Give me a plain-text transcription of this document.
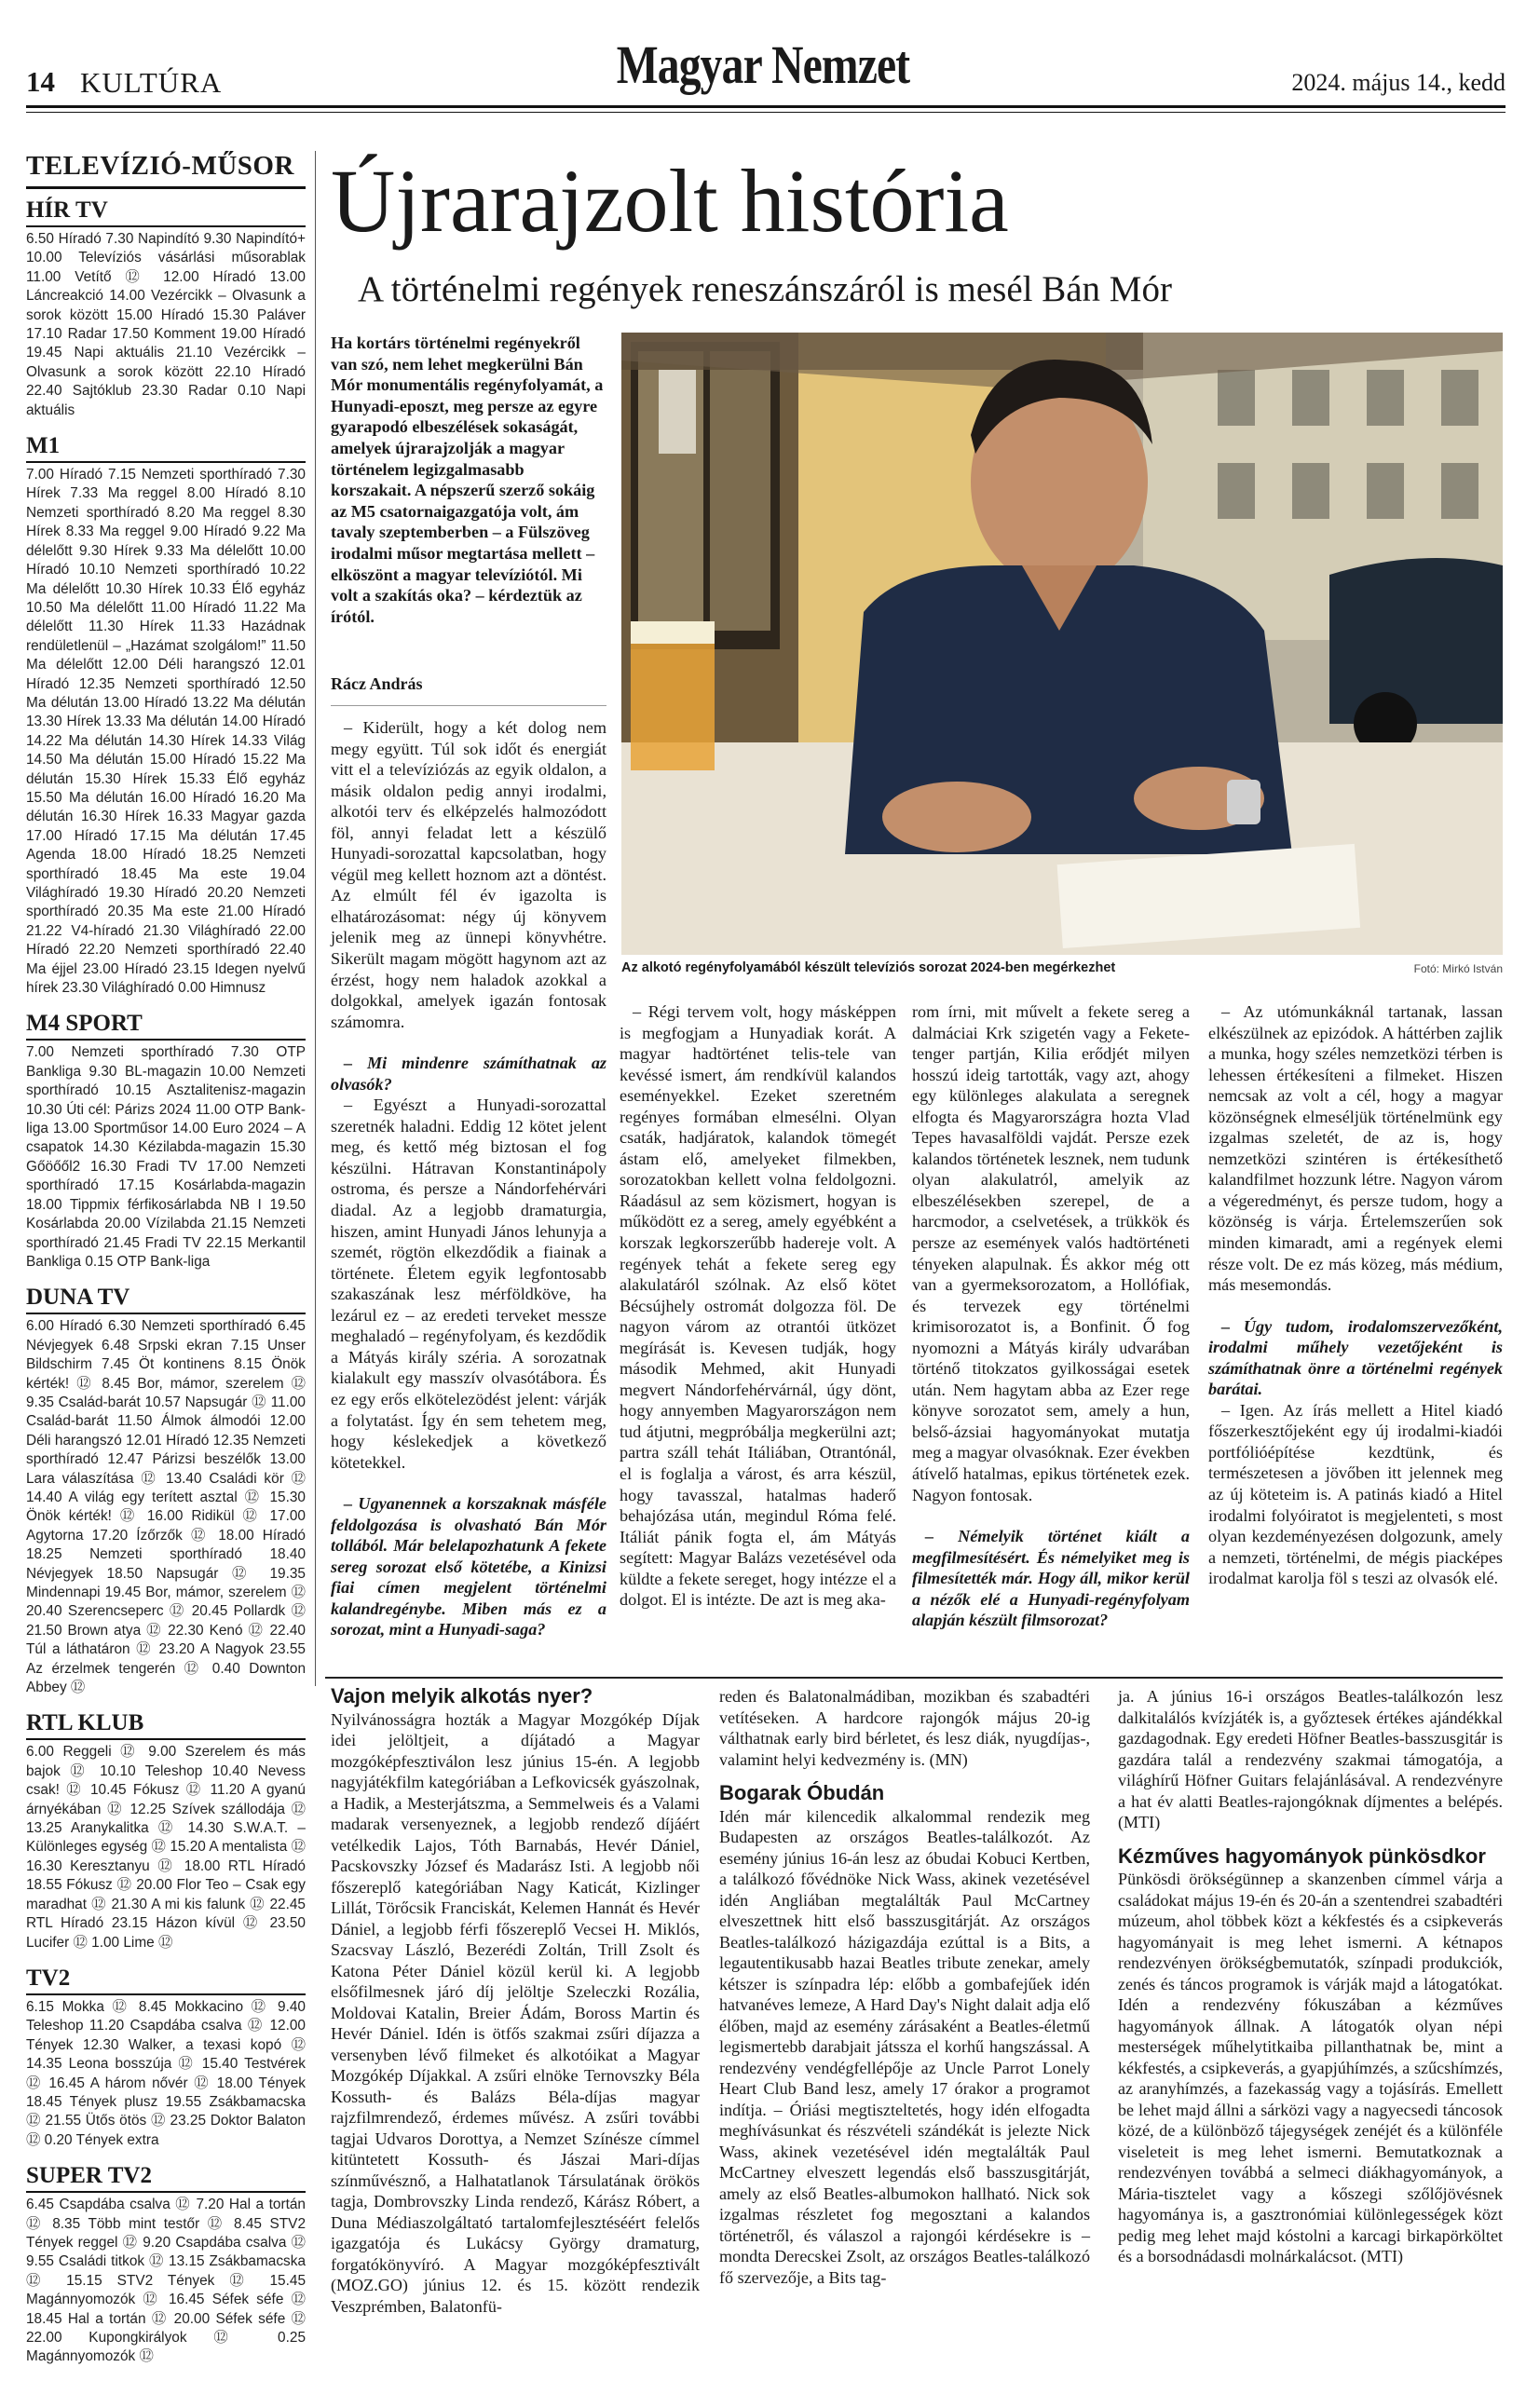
14 KULTÚRA	Magyar Nemzet	2024. május 14., kedd
TELEVÍZIÓ-MŰSOR
HÍR TV
6.50 Híradó 7.30 Napindító 9.30 Napindító+ 10.00 Televíziós vásárlási műsorablak 11.00 Vetítő ⑫ 12.00 Híradó 13.00 Láncreakció 14.00 Vezércikk – Olvasunk a sorok között 15.00 Híradó 15.30 Paláver 17.10 Radar 17.50 Komment 19.00 Híradó 19.45 Napi aktuális 21.10 Vezércikk – Olvasunk a sorok között 22.10 Híradó 22.40 Sajtóklub 23.30 Radar 0.10 Napi aktuális
M1
7.00 Híradó 7.15 Nemzeti sporthíradó 7.30 Hírek 7.33 Ma reggel 8.00 Híradó 8.10 Nemzeti sporthíradó 8.20 Ma reggel 8.30 Hírek 8.33 Ma reggel 9.00 Híradó 9.22 Ma délelőtt 9.30 Hírek 9.33 Ma délelőtt 10.00 Híradó 10.10 Nemzeti sporthíradó 10.22 Ma délelőtt 10.30 Hírek 10.33 Élő egyház 10.50 Ma délelőtt 11.00 Híradó 11.22 Ma délelőtt 11.30 Hírek 11.33 Hazádnak rendületlenül – „Hazámat szolgálom!” 11.50 Ma délelőtt 12.00 Déli harangszó 12.01 Híradó 12.35 Nemzeti sporthíradó 12.50 Ma délután 13.00 Híradó 13.22 Ma délután 13.30 Hírek 13.33 Ma délután 14.00 Híradó 14.22 Ma délután 14.30 Hírek 14.33 Világ 14.50 Ma délután 15.00 Híradó 15.22 Ma délután 15.30 Hírek 15.33 Élő egyház 15.50 Ma délután 16.00 Híradó 16.20 Ma délután 16.30 Hírek 16.33 Magyar gazda 17.00 Híradó 17.15 Ma délután 17.45 Agenda 18.00 Híradó 18.25 Nemzeti sporthíradó 18.45 Ma este 19.04 Világhíradó 19.30 Híradó 20.20 Nemzeti sporthíradó 20.35 Ma este 21.00 Híradó 21.22 V4-híradó 21.30 Világhíradó 22.00 Híradó 22.20 Nemzeti sporthíradó 22.40 Ma éjjel 23.00 Híradó 23.15 Idegen nyelvű hírek 23.30 Világhíradó 0.00 Himnusz
M4 SPORT
7.00 Nemzeti sporthíradó 7.30 OTP Bankliga 9.30 BL-magazin 10.00 Nemzeti sporthíradó 10.15 Asztalitenisz-magazin 10.30 Úti cél: Párizs 2024 11.00 OTP Bank-liga 13.00 Sportműsor 14.00 Euro 2024 – A csapatok 14.30 Kézilabda-magazin 15.30 Gőöőől2 16.30 Fradi TV 17.00 Nemzeti sporthíradó 17.15 Kosárlabda-magazin 18.00 Tippmix férfikosárlabda NB I 19.50 Kosárlabda 20.00 Vízilabda 21.15 Nemzeti sporthíradó 21.45 Fradi TV 22.15 Merkantil Bankliga 0.15 OTP Bank-liga
DUNA TV
6.00 Híradó 6.30 Nemzeti sporthíradó 6.45 Névjegyek 6.48 Srpski ekran 7.15 Unser Bildschirm 7.45 Öt kontinens 8.15 Önök kérték! ⑫ 8.45 Bor, mámor, szerelem ⑫ 9.35 Család-barát 10.57 Napsugár ⑫ 11.00 Család-barát 11.50 Álmok álmodói 12.00 Déli harangszó 12.01 Híradó 12.35 Nemzeti sporthíradó 12.47 Párizsi beszélők 13.00 Lara válaszítása ⑫ 13.40 Családi kör ⑫ 14.40 A világ egy terített asztal ⑫ 15.30 Önök kérték! ⑫ 16.00 Ridikül ⑫ 17.00 Agytorna 17.20 Ízőrzők ⑫ 18.00 Híradó 18.25 Nemzeti sporthíradó 18.40 Névjegyek 18.50 Napsugár ⑫ 19.35 Mindennapi 19.45 Bor, mámor, szerelem ⑫ 20.40 Szerencseperc ⑫ 20.45 Pollardk ⑫ 21.50 Brown atya ⑫ 22.30 Kenó ⑫ 22.40 Túl a láthatáron ⑫ 23.20 A Nagyok 23.55 Az érzelmek tengerén ⑫ 0.40 Downton Abbey ⑫
RTL KLUB
6.00 Reggeli ⑫ 9.00 Szerelem és más bajok ⑫ 10.10 Teleshop 10.40 Nevess csak! ⑫ 10.45 Fókusz ⑫ 11.20 A gyanú árnyékában ⑫ 12.25 Szívek szállodája ⑫ 13.25 Aranykalitka ⑫ 14.30 S.W.A.T. – Különleges egység ⑫ 15.20 A mentalista ⑫ 16.30 Keresztanyu ⑫ 18.00 RTL Híradó 18.55 Fókusz ⑫ 20.00 Flor Teo – Csak egy maradhat ⑫ 21.30 A mi kis falunk ⑫ 22.45 RTL Híradó 23.15 Házon kívül ⑫ 23.50 Lucifer ⑫ 1.00 Lime ⑫
TV2
6.15 Mokka ⑫ 8.45 Mokkacino ⑫ 9.40 Teleshop 11.20 Csapdába csalva ⑫ 12.00 Tények 12.30 Walker, a texasi kopó ⑫ 14.35 Leona bosszúja ⑫ 15.40 Testvérek ⑫ 16.45 A három nővér ⑫ 18.00 Tények 18.45 Tények plusz 19.55 Zsákbamacska ⑫ 21.55 Ütős ötös ⑫ 23.25 Doktor Balaton ⑫ 0.20 Tények extra
SUPER TV2
6.45 Csapdába csalva ⑫ 7.20 Hal a tortán ⑫ 8.35 Több mint testőr ⑫ 8.45 STV2 Tények reggel ⑫ 9.20 Csapdába csalva ⑫ 9.55 Családi titkok ⑫ 13.15 Zsákbamacska ⑫ 15.15 STV2 Tények ⑫ 15.45 Magánnyomozók ⑫ 16.45 Séfek séfe ⑫ 18.45 Hal a tortán ⑫ 20.00 Séfek séfe ⑫ 22.00 Kupongkirályok ⑫ 0.25 Magánnyomozók ⑫
Újrarajzolt história
A történelmi regények reneszánszáról is mesél Bán Mór
Ha kortárs történelmi regényekről van szó, nem lehet megkerülni Bán Mór monumentális regényfolyamát, a Hunyadi-eposzt, meg persze az egyre gyarapodó elbeszélések sokaságát, amelyek újrarajzolják a magyar történelem legizgalmasabb korszakait. A népszerű szerző sokáig az M5 csatornaigazgatója volt, ám tavaly szeptemberben – a Fülszöveg irodalmi műsor megtartása mellett – elköszönt a magyar televíziótól. Mi volt a szakítás oka? – kérdeztük az írótól.
Rácz András
Az alkotó regényfolyamából készült televíziós sorozat 2024-ben megérkezhet	Fotó: Mirkó István

– Kiderült, hogy a két dolog nem megy együtt. Túl sok időt és energiát vitt el a televíziózás az egyik oldalon, a másik oldalon pedig annyi irodalmi, alkotói terv és elképzelés halmozódott föl, annyi feladat lett a készülő Hunyadi-sorozattal kapcsolatban, hogy végül meg kellett hoznom azt a döntést. Az elmúlt fél év igazolta is elhatározásomat: négy új könyvem jelenik meg az ünnepi könyvhétre. Sikerült magam mögött hagynom azt az érzést, hogy nem haladok azokkal a dolgokkal, amelyek igazán fontosak számomra.

– Mi mindenre számíthatnak az olvasók?

– Egyészt a Hunyadi-sorozattal szeretnék haladni. Eddig 12 kötet jelent meg, és kettő még biztosan el fog készülni. Hátravan Konstantinápoly ostroma, és persze a Nándorfehérvári diadal. Az a legjobb dramaturgia, hiszen, amint Hunyadi János lehunyja a szemét, rögtön elkezdődik a fiainak a története. Életem egyik legfontosabb szakaszának lesz mérföldköve, ha lezárul ez – az eredeti terveket messze meghaladó – regényfolyam, és kezdődik a Mátyás király szériа. A sorozatnak kialakult egy masszív olvasótábora. És ez egy erős elkötelezödést jelent: várják a folytatást. Így én sem tehetem meg, hogy késlekedjek a következő kötetekkel.

– Ugyanennek a korszaknak másféle feldolgozása is olvasható Bán Mór tollából. Már belelapozhatunk A fekete sereg sorozat első kötetébe, a Kinizsi fiai címen megjelent történelmi kalandregénybe. Miben más ez a sorozat, mint a Hunyadi-saga?

– Régi tervem volt, hogy másképpen is megfogjam a Hunyadiak korát. A magyar hadtörténet telis-tele van kevéssé ismert, ám rendkívül kalandos eseményekkel. Ezeket szeretném regényes formában elmesélni. Olyan csaták, hadjáratok, kalandok tömegét ástam elő, amelyeket filmekben, sorozatokban kellett volna feldolgozni. Ráadásul az sem közismert, hogyan is működött ez a sereg, amely egyébként a korszak legkorszerűbb hadereje volt. A regények tehát a fekete sereg egy alakulatáról szólnak. Az első kötet Bécsújhely ostromát dolgozza föl. De nagyon várom az otrantói ütközet megírását is. Kevesen tudják, hogy második Mehmed, akit Hunyadi megvert Nándorfehérvárnál, úgy dönt, hogy annyemben Magyarországon nem tud átjutni, megpróbálja megkerülni azt; partra száll tehát Itáliában, Otrantónál, el is foglalja a várost, és arra készül, hogy tavasszal, hatalmas haderő behajózása után, megindul Róma felé. Itáliát pánik fogta el, ám Mátyás segített: Magyar Balázs vezetésével oda küldte a fekete sereget, hogy intézze el a dolgot. El is intézte. De azt is meg aka-

rom írni, mit művelt a fekete sereg a dalmáciai Krk szigetén vagy a Fekete-tenger partján, Kilia erődjét milyen hosszú ideig tartották, vagy azt, ahogy egy különleges alakulata a seregnek elfogta és Magyarországra hozta Vlad Tepes havasalföldi vajdát. Persze ezek kalandos történetek lesznek, nem tudunk olyan alakulatról, amelyik az elbeszélésekben szerepel, de a harcmodor, a cselvetések, a trükkök és persze az események valós hadtörténeti tényeken alapulnak. És akkor még ott van a gyermeksorozatom, a Hollófiak, és tervezek egy történelmi krimisorozatot is, a Bonfinit. Ő fog nyomozni a Mátyás király udvarában történő titokzatos gyilkosságai esetek után. Nem hagytam abba az Ezer rege könyve sorozatot sem, amely a hun, belső-ázsiai hagyományokat mutatja meg a magyar olvasóknak. Ezer években átívelő hatalmas, epikus történetek ezek. Nagyon fontosak.

– Némelyik történet kiált a megfilmesítésért. És némelyiket meg is filmesítették már. Hogy áll, mikor kerül a nézők elé a Hunyadi-regényfolyam alapján készült filmsorozat?

– Az utómunkáknál tartanak, lassan elkészülnek az epizódok. A háttérben zajlik a munka, hogy széles nemzetközi térben is lehessen értékesíteni a filmeket. Hiszen nemcsak az volt a cél, hogy a magyar közönségnek elmeséljük történelmünk egy izgalmas szeletét, de az is, hogy nemzetközi szintéren is értékesíthető kalandfilmet hozzunk létre. Nagyon várom a végeredményt, és persze tudom, hogy a közönség is várja. Értelemszerűen sok minden kimaradt, ami a regények elemi része volt. De ez más közeg, más médium, más mesemondás.

– Úgy tudom, irodalomszervezőként, irodalmi műhely vezetőjeként is számíthatnak önre a történelmi regények barátai.

– Igen. Az írás mellett a Hitel kiadó főszerkesztőjeként egy új irodalmi-kiadói portfólióépítése kezdtünk, és természetesen a jövőben itt jelennek meg az új köteteim is. A patinás kiadó a Hitel irodalmi folyóiratot is megjelenteti, s most olyan kezdeményezésen dolgozunk, amely a nemzeti, történelmi, de mégis piacképes irodalmat karolja föl s teszi az olvasók elé.

Vajon melyik alkotás nyer?

Nyilvánosságra hozták a Magyar Mozgókép Díjak idei jelöltjeit, a díjátadó a Magyar mozgóképfesztiválon lesz június 15-én. A legjobb nagyjátékfilm kategóriában a Lefkovicsék gyászolnak, a Hadik, a Mesterjátszma, a Semmelweis és a Valami madarak versenyeznek, a legjobb rendező díjáért vetélkedik Lajos, Tóth Barnabás, Hevér Dániel, Pacskovszky József és Madarász Isti. A legjobb női főszereplő kategóriában Nagy Katicát, Kizlinger Lillát, Törőcsik Franciskát, Kelemen Hannát és Hevér Dániel, a legjobb férfi főszereplő Vecsei H. Miklós, Szacsvay László, Bezerédi Zoltán, Trill Zsolt és Katona Péter Dániel közül kerül ki. A legjobb elsőfilmesnek járó díj jelöltje Szeleczki Rozália, Moldovai Katalin, Breier Ádám, Boross Martin és Hevér Dániel. Idén is ötfős szakmai zsűri díjazza a versenyben lévő filmeket és alkotóikat a Magyar Mozgókép Díjakkal. A zsűri elnöke Ternovszky Béla Kossuth- és Balázs Béla-díjas magyar rajzfilmrendező, érdemes művész. A zsűri további tagjai Udvaros Dorottya, a Nemzet Színésze címmel kitüntetett Kossuth- és Jászai Mari-díjas színművésznő, a Halhatatlanok Társulatának örökös tagja, Dombrovszky Linda rendező, Kárász Róbert, a Duna Médiaszolgáltató tartalomfejlesztéséért felelős igazgatója és Lukácsy György dramaturg, forgatókönyvíró. A Magyar mozgóképfesztivált (MOZ.GO) június 12. és 15. között rendezik Veszprémben, Balatonfü-

reden és Balatonalmádiban, mozikban és szabadtéri vetítéseken. A hardcore rajongók május 20-ig válthatnak early bird bérletet, és lesz diák, nyugdíjas-, valamint helyi kedvezmény is. (MN)

Bogarak Óbudán

Idén már kilencedik alkalommal rendezik meg Budapesten az országos Beatles-találkozót. Az esemény június 16-án lesz az óbudai Kobuci Kertben, a találkozó fővédnöke Nick Wass, akinek vezetésével idén Angliában megtalálták Paul McCartney elveszettnek hitt első basszusgitárját. Az országos Beatles-találkozó házigazdája ezúttal is a Bits, a legautentikusabb hazai Beatles tribute zenekar, amely kétszer is színpadra lép: előbb a gombafejűek idén hatvanéves lemeze, A Hard Day's Night dalait adja elő élőben, majd az esemény zárásaként a Beatles-életmű legismertebb darabjait játssza el korhű hangszással. A rendezvény vendégfellépője az Uncle Parrot Lonely Heart Club Band lesz, amely 17 órakor a programot indítja. – Óriási megtiszteltetés, hogy idén elfogadta meghívásunkat és részvételi szándékát is jelezte Nick Wass, akinek vezetésével idén megtalálták Paul McCartney elveszett legendás első basszusgitárját, amely az első Beatles-albumokon hallható. Nick sok izgalmas részletet fog megosztani a kalandos történetről, és válaszol a rajongói kérdésekre is – mondta Derecskei Zsolt, az országos Beatles-találkozó fő szervezője, a Bits tag-

ja. A június 16-i országos Beatles-találkozón lesz dalkitalálós kvízjáték is, a győztesek értékes ajándékkal gazdagodnak. Egy eredeti Höfner Beatles-basszusgitár is gazdára talál a rendezvény szakmai támogatója, a világhírű Höfner Guitars felajánlásával. A rendezvényre a hat év alatti Beatles-rajongóknak díjmentes a belépés. (MTI)

Kézműves hagyományok pünkösdkor

Pünkösdi örökségünnep a skanzenben címmel várja a családokat május 19-én és 20-án a szentendrei szabadtéri múzeum, ahol többek közt a kékfestés és a csipkeverás hagyományait is meg lehet ismerni. A kétnapos rendezvényen örökségbemutatók, színpadi produkciók, zenés és táncos programok is várják majd a látogatókat. Idén a rendezvény fókuszában a kézműves hagyományok állnak. A látogatók olyan népi mesterségek műhelytitkaiba pillanthatnak be, mint a kékfestés, a csipkeverás, a gyapjúhímzés, a szűcshímzés, az aranyhímzés, a fazekasság vagy a tojásírás. Emellett be lehet majd állni a sárközi vagy a nagyecsedi táncosok közé, de a különböző tájegységek zenéjét és a különféle viseleteit is meg lehet ismerni. Bemutatkoznak a rendezvényen továbbá a selmeci diákhagyományok, a Mária-tisztelet vagy a kőszegi szőlőjövésnek hagyománya is, a gasztronómiai különlegességek közt pedig meg lehet majd kóstolni a karcagi birkapörköltet és a borsodnádasdi molnárkalácsot. (MTI)
